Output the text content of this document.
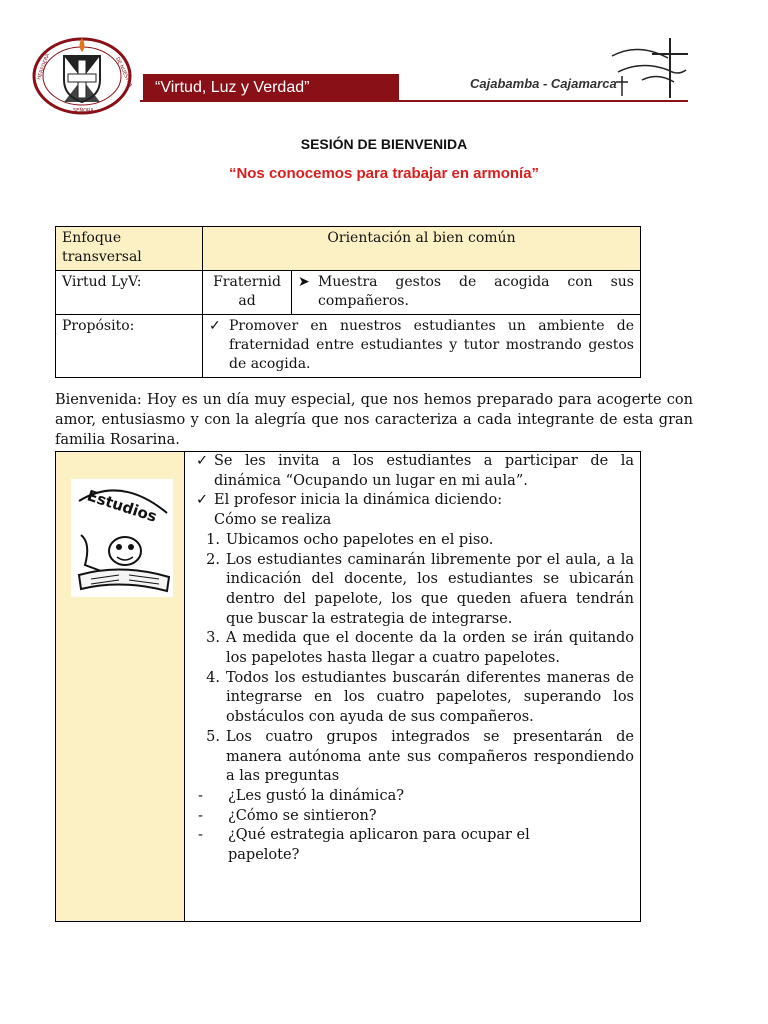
HEREDERA	DE NUESTRA
SEÑORA
“Virtud, Luz y Verdad”	Cajabamba - Cajamarca
SESIÓN DE BIENVENIDA
“Nos conocemos para trabajar en armonía”
Enfoque transversal	Orientación al bien común	
Virtud LyV:	Fraternidad	➤ Muestra gestos de acogida con sus compañeros.

Propósito:	✓ Promover en nuestros estudiantes un ambiente de fraternidad entre estudiantes y tutor mostrando gestos de acogida.	
Bienvenida: Hoy es un día muy especial, que nos hemos preparado para acogerte con amor, entusiasmo y con la alegría que nos caracteriza a cada integrante de esta gran familia Rosarina.
Estudios
✓ Se les invita a los estudiantes a participar de la dinámica “Ocupando un lugar en mi aula”.
✓ El profesor inicia la dinámica diciendo:
Cómo se realiza
1. Ubicamos ocho papelotes en el piso.
2. Los estudiantes caminarán libremente por el aula, a la indicación del docente, los estudiantes se ubicarán dentro del papelote, los que queden afuera tendrán que buscar la estrategia de integrarse.
3. A medida que el docente da la orden se irán quitando los papelotes hasta llegar a cuatro papelotes.
4. Todos los estudiantes buscarán diferentes maneras de integrarse en los cuatro papelotes, superando los obstáculos con ayuda de sus compañeros.
5. Los cuatro grupos integrados se presentarán de manera autónoma ante sus compañeros respondiendo a las preguntas
-	¿Les gustó la dinámica?
-	¿Cómo se sintieron?
-	¿Qué estrategia aplicaron para ocupar el papelote?
